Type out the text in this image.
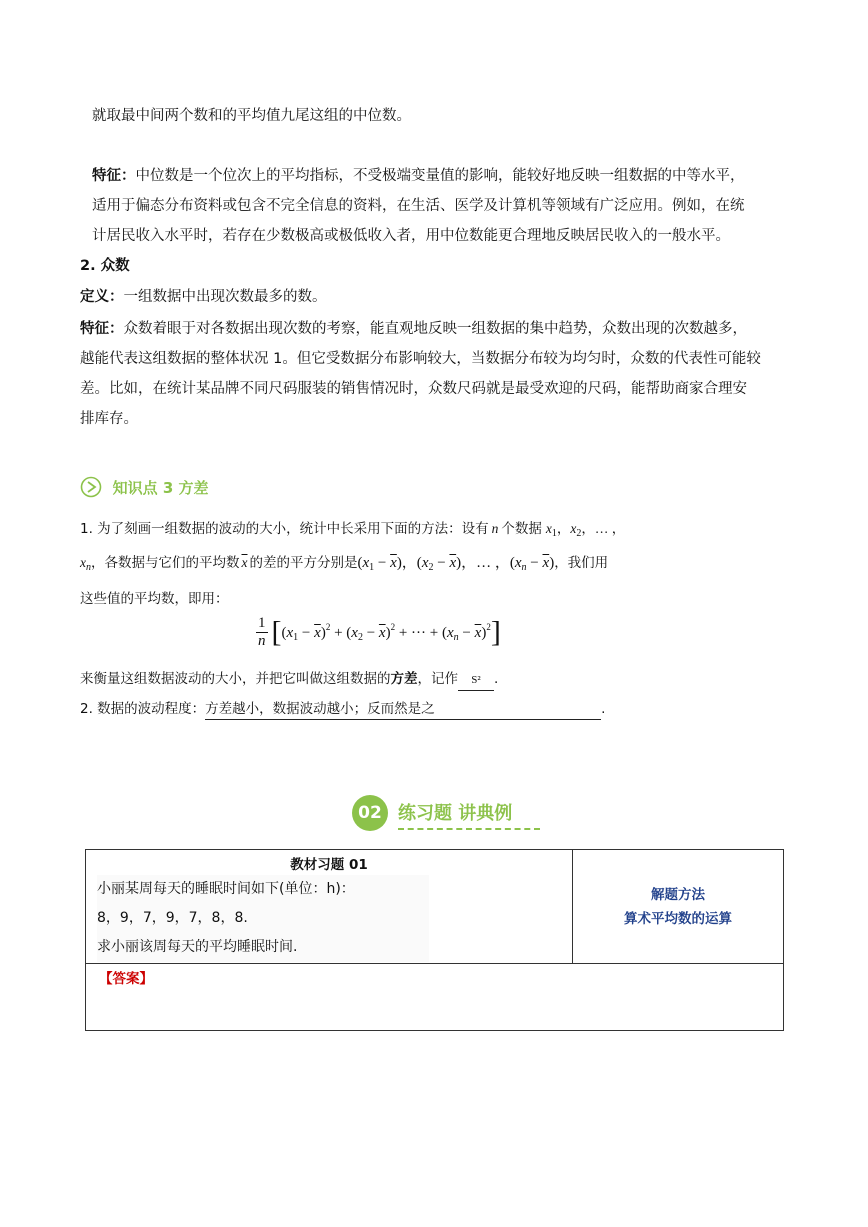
就取最中间两个数和的平均值九尾这组的中位数。
特征：中位数是一个位次上的平均指标，不受极端变量值的影响，能较好地反映一组数据的中等水平，
适用于偏态分布资料或包含不完全信息的资料，在生活、医学及计算机等领域有广泛应用。例如，在统
计居民收入水平时，若存在少数极高或极低收入者，用中位数能更合理地反映居民收入的一般水平。
2. 众数
定义：一组数据中出现次数最多的数。
特征：众数着眼于对各数据出现次数的考察，能直观地反映一组数据的集中趋势，众数出现的次数越多，
越能代表这组数据的整体状况 1。但它受数据分布影响较大，当数据分布较为均匀时，众数的代表性可能较
差。比如，在统计某品牌不同尺码服装的销售情况时，众数尺码就是最受欢迎的尺码，能帮助商家合理安
排库存。
知识点 3 方差
1. 为了刻画一组数据的波动的大小，统计中长采用下面的方法：设有 n 个数据 $x_1$，$x_2$，… ，
$x_n$，各数据与它们的平均数 $\overline{x}$ 的差的平方分别是$(x_1 - \overline{x})$，$(x_2 - \overline{x})$，… ，$(x_n - \overline{x})$，我们用
这些值的平均数，即用：
$\frac{1}{n} [(x_1 - \overline{x})^2 + (x_2 - \overline{x})^2$ + ··· + $(x_n - \overline{x})^2$]
来衡量这组数据波动的大小，并把它叫做这组数据的方差，记作 S² .
2. 数据的波动程度：方差越小，数据波动越小；反而然是之	.
02 练习题 讲典例
教材习题 01
小丽某周每天的睡眠时间如下(单位：h)：
8，9，7，9，7，8，8.
求小丽该周每天的平均睡眠时间.

解题方法
算术平均数的运算

【答案】
